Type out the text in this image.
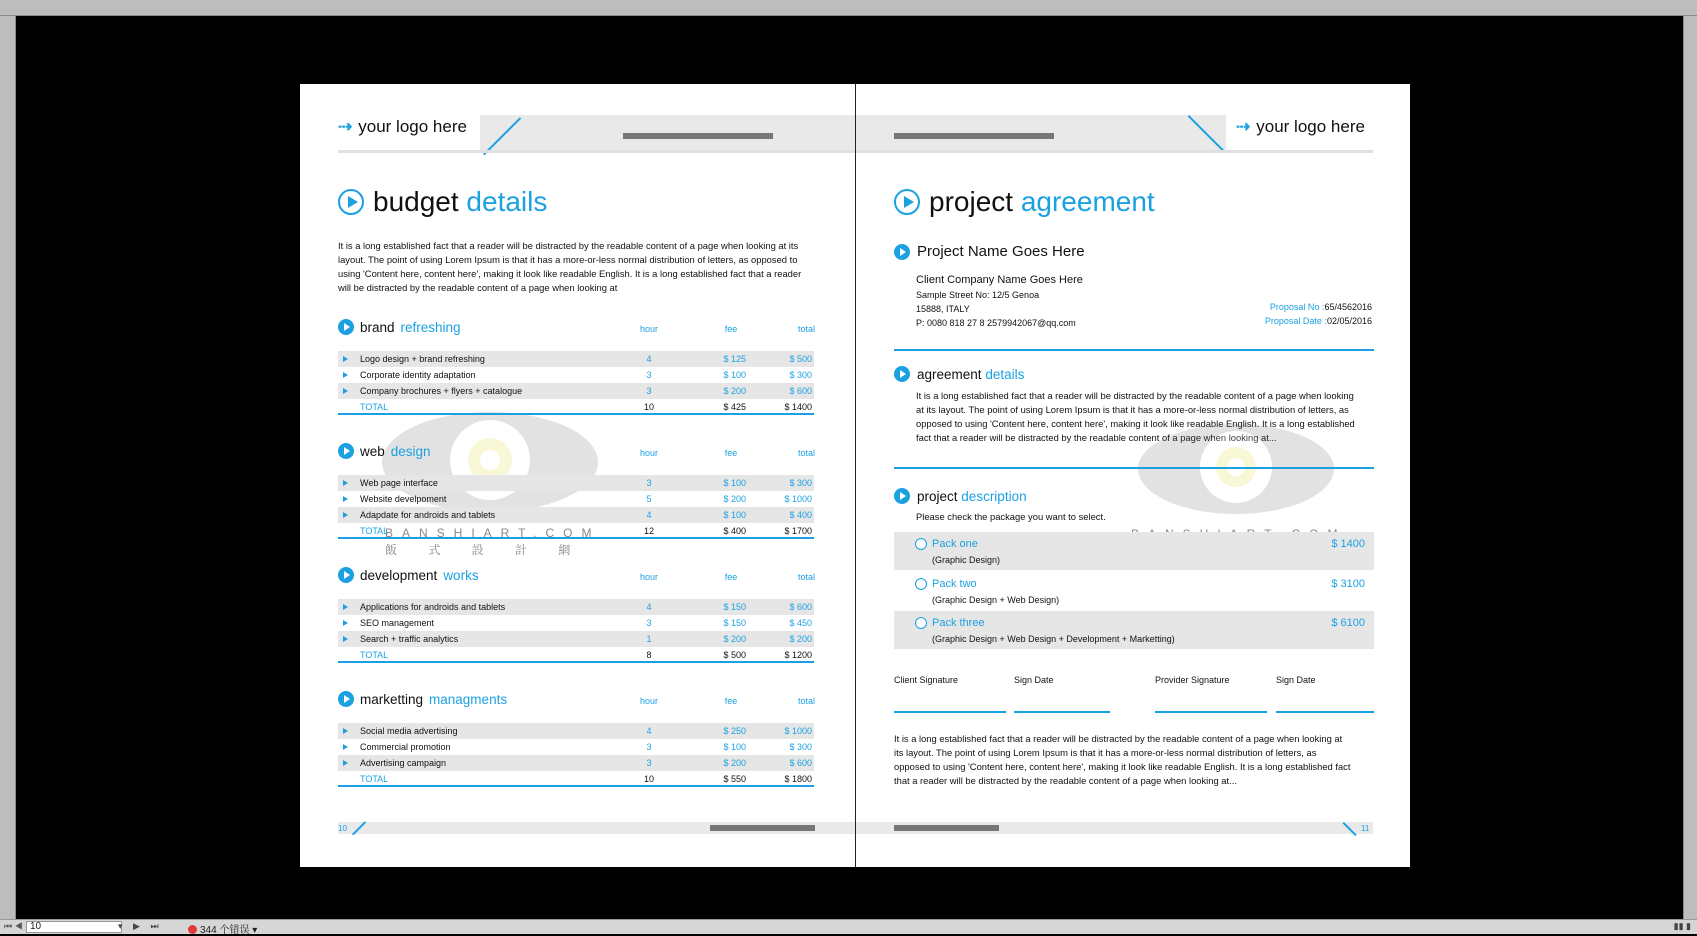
⇢ your logo here
budget details
It is a long established fact that a reader will be distracted by the readable content of a page when looking at its layout. The point of using Lorem Ipsum is that it has a more-or-less normal distribution of letters, as opposed to using 'Content here, content here', making it look like readable English. It is a long established fact that a reader will be distracted by the readable content of a page when looking at
BANSHIART.COM
飯 式 設 計 網
brand refreshing	hour	fee	total
Logo design + brand refreshing	4	$ 125	$ 500
Corporate identity adaptation	3	$ 100	$ 300
Company brochures + flyers + catalogue	3	$ 200	$ 600
TOTAL	10	$ 425	$ 1400
web design	hour	fee	total
Web page interface	3	$ 100	$ 300
Website develpoment	5	$ 200	$ 1000
Adapdate for androids and tablets	4	$ 100	$ 400
TOTAL	12	$ 400	$ 1700
development works	hour	fee	total
Applications for androids and tablets	4	$ 150	$ 600
SEO management	3	$ 150	$ 450
Search + traffic analytics	1	$ 200	$ 200
TOTAL	8	$ 500	$ 1200
marketting managments	hour	fee	total
Social media advertising	4	$ 250	$ 1000
Commercial promotion	3	$ 100	$ 300
Advertising campaign	3	$ 200	$ 600
TOTAL	10	$ 550	$ 1800
10
⇢ your logo here
project agreement
Project Name Goes Here
Client Company Name Goes Here
Sample Street No: 12/5 Genoa
15888, ITALY
P: 0080 818 27 8 2579942067@qq.com
Proposal No :65/4562016
Proposal Date :02/05/2016
agreement details
It is a long established fact that a reader will be distracted by the readable content of a page when looking at its layout. The point of using Lorem Ipsum is that it has a more-or-less normal distribution of letters, as opposed to using 'Content here, content here', making it look like readable English. It is a long established fact that a reader will be distracted by the readable content of a page when looking at...
project description
Please check the package you want to select.
Pack one
(Graphic Design)
$ 1400
Pack two
(Graphic Design + Web Design)
$ 3100
Pack three
(Graphic Design + Web Design + Development + Marketting)
$ 6100
Client Signature	Sign Date	Provider Signature	Sign Date
It is a long established fact that a reader will be distracted by the readable content of a page when looking at its layout. The point of using Lorem Ipsum is that it has a more-or-less normal distribution of letters, as opposed to using 'Content here, content here', making it look like readable English. It is a long established fact that a reader will be distracted by the readable content of a page when looking at...
11
⏮ ◀ 10	▾ ▶ ⏭	344 个错误 ▾	▮▮ ▮
